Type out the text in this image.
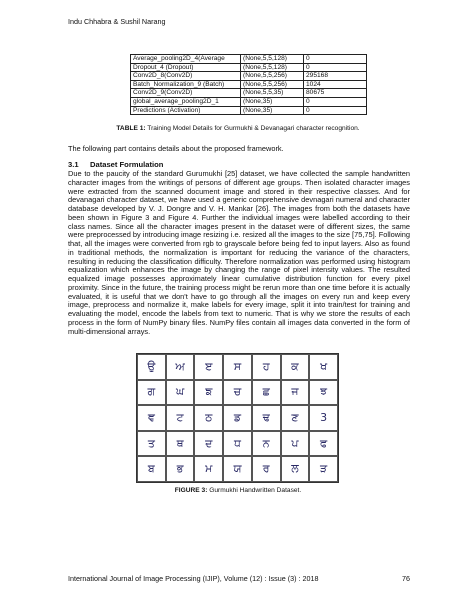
Indu Chhabra & Sushil Narang
Average_pooling2D_4(Average	(None,5,5,128)	0
Dropout_4 (Dropout)	(None,5,5,128)	0
Conv2D_8(Conv2D)	(None,5,5,256)	295168
Batch_Normalization_9 (Batch)	(None,5,5,256)	1024
Conv2D_9(Conv2D)	(None,5,5,35)	80675
global_average_pooling2D_1	(None,35)	0
Predictions (Activation)	(None,35)	0
TABLE 1: Training Model Details for Gurmukhi & Devanagari character recognition.
The following part contains details about the proposed framework.
3.1 Dataset Formulation
Due to the paucity of the standard Gurumukhi [25] dataset, we have collected the sample handwritten character images from the writings of persons of different age groups. Then isolated character images were extracted from the scanned document image and stored in their respective classes. And for devanagari character dataset, we have used a generic comprehensive devnagari numeral and character database developed by V. J. Dongre and V. H. Mankar [26]. The images from both the datasets have been shown in Figure 3 and Figure 4. Further the individual images were labelled according to their class names. Since all the character images present in the dataset were of different sizes, the same were preprocessed by introducing image resizing i.e. resized all the images to the size [75,75]. Following that, all the images were converted from rgb to grayscale before being fed to input layers. Also as found in traditional methods, the normalization is important for reducing the variance of the characters, resulting in reducing the classification difficulty. Therefore normalization was performed using histogram equalization which enhances the image by changing the range of pixel intensity values. The resulted equalized image possesses approximately linear cumulative distribution function for every pixel proximity. Since in the future, the training process might be rerun more than one time before it is actually evaluated, it is useful that we don't have to go through all the images on every run and keep every image, preprocess and normalize it, make labels for every image, split it into train/test for training and evaluating the model, encode the labels from text to numeric. That is why we store the results of each process in the form of NumPy binary files. NumPy files contain all images data converted in the form of multi-dimensional arrays.
ਉ	ਅ	ੲ	ਸ	ਹ	ਕ	ਖ
ਗ	ਘ	ਙ	ਚ	ਛ	ਜ	ਝ
ਞ	ਟ	ਠ	ਡ	ਢ	ਣ	3
ਤ	ਥ	ਦ	ਧ	ਨ	ਪ	ਫ
ਬ	ਭ	ਮ	ਯ	ਰ	ਲ	ੜ
FIGURE 3: Gurmukhi Handwritten Dataset.
International Journal of Image Processing (IJIP), Volume (12) : Issue (3) : 2018	76
